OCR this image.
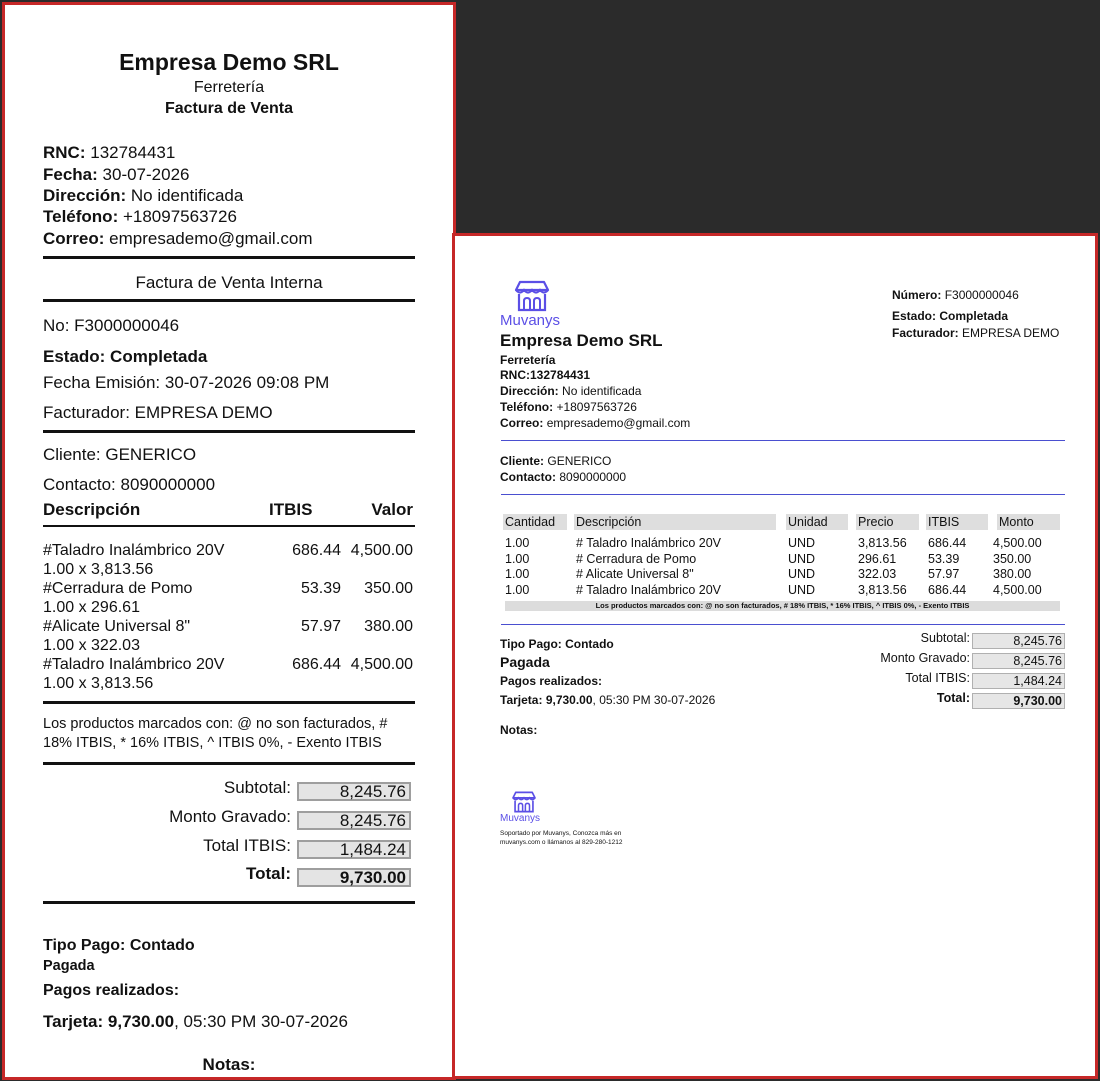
Empresa Demo SRL
Ferretería
Factura de Venta
RNC: 132784431
Fecha: 30-07-2026
Dirección: No identificada
Teléfono: +18097563726
Correo: empresademo@gmail.com
Factura de Venta Interna
No: F3000000046
Estado: Completada
Fecha Emisión: 30-07-2026 09:08 PM
Facturador: EMPRESA DEMO
Cliente: GENERICO
Contacto: 8090000000
Descripción	ITBIS	Valor
#Taladro Inalámbrico 20V	686.44 4,500.00
1.00 x 3,813.56
#Cerradura de Pomo	53.39 350.00
1.00 x 296.61
#Alicate Universal 8"	57.97 380.00
1.00 x 322.03
#Taladro Inalámbrico 20V	686.44 4,500.00
1.00 x 3,813.56
Los productos marcados con: @ no son facturados, #
18% ITBIS, * 16% ITBIS, ^ ITBIS 0%, - Exento ITBIS
Subtotal:	8,245.76
Monto Gravado:	8,245.76
Total ITBIS:	1,484.24
Total:	9,730.00
Tipo Pago: Contado
Pagada
Pagos realizados:
Tarjeta: 9,730.00, 05:30 PM 30-07-2026
Notas:
Muvanys
Empresa Demo SRL
Ferretería
RNC:132784431
Dirección: No identificada
Teléfono: +18097563726
Correo: empresademo@gmail.com
Número: F3000000046
Estado: Completada
Facturador: EMPRESA DEMO
Cliente: GENERICO
Contacto: 8090000000
Cantidad	Descripción	Unidad	Precio	ITBIS	Monto
1.00	# Taladro Inalámbrico 20V	UND	3,813.56 686.44 4,500.00
1.00	# Cerradura de Pomo	UND	296.61	53.39	350.00
1.00	# Alicate Universal 8"	UND	322.03	57.97	380.00
1.00	# Taladro Inalámbrico 20V	UND	3,813.56 686.44 4,500.00
Los productos marcados con: @ no son facturados, # 18% ITBIS, * 16% ITBIS, ^ ITBIS 0%, - Exento ITBIS
Tipo Pago: Contado
Pagada
Pagos realizados:
Tarjeta: 9,730.00, 05:30 PM 30-07-2026
Notas:
Subtotal:	8,245.76
Monto Gravado:	8,245.76
Total ITBIS:	1,484.24
Total:	9,730.00
Muvanys
Soportado por Muvanys, Conozca más en
muvanys.com o llámanos al 829-280-1212
